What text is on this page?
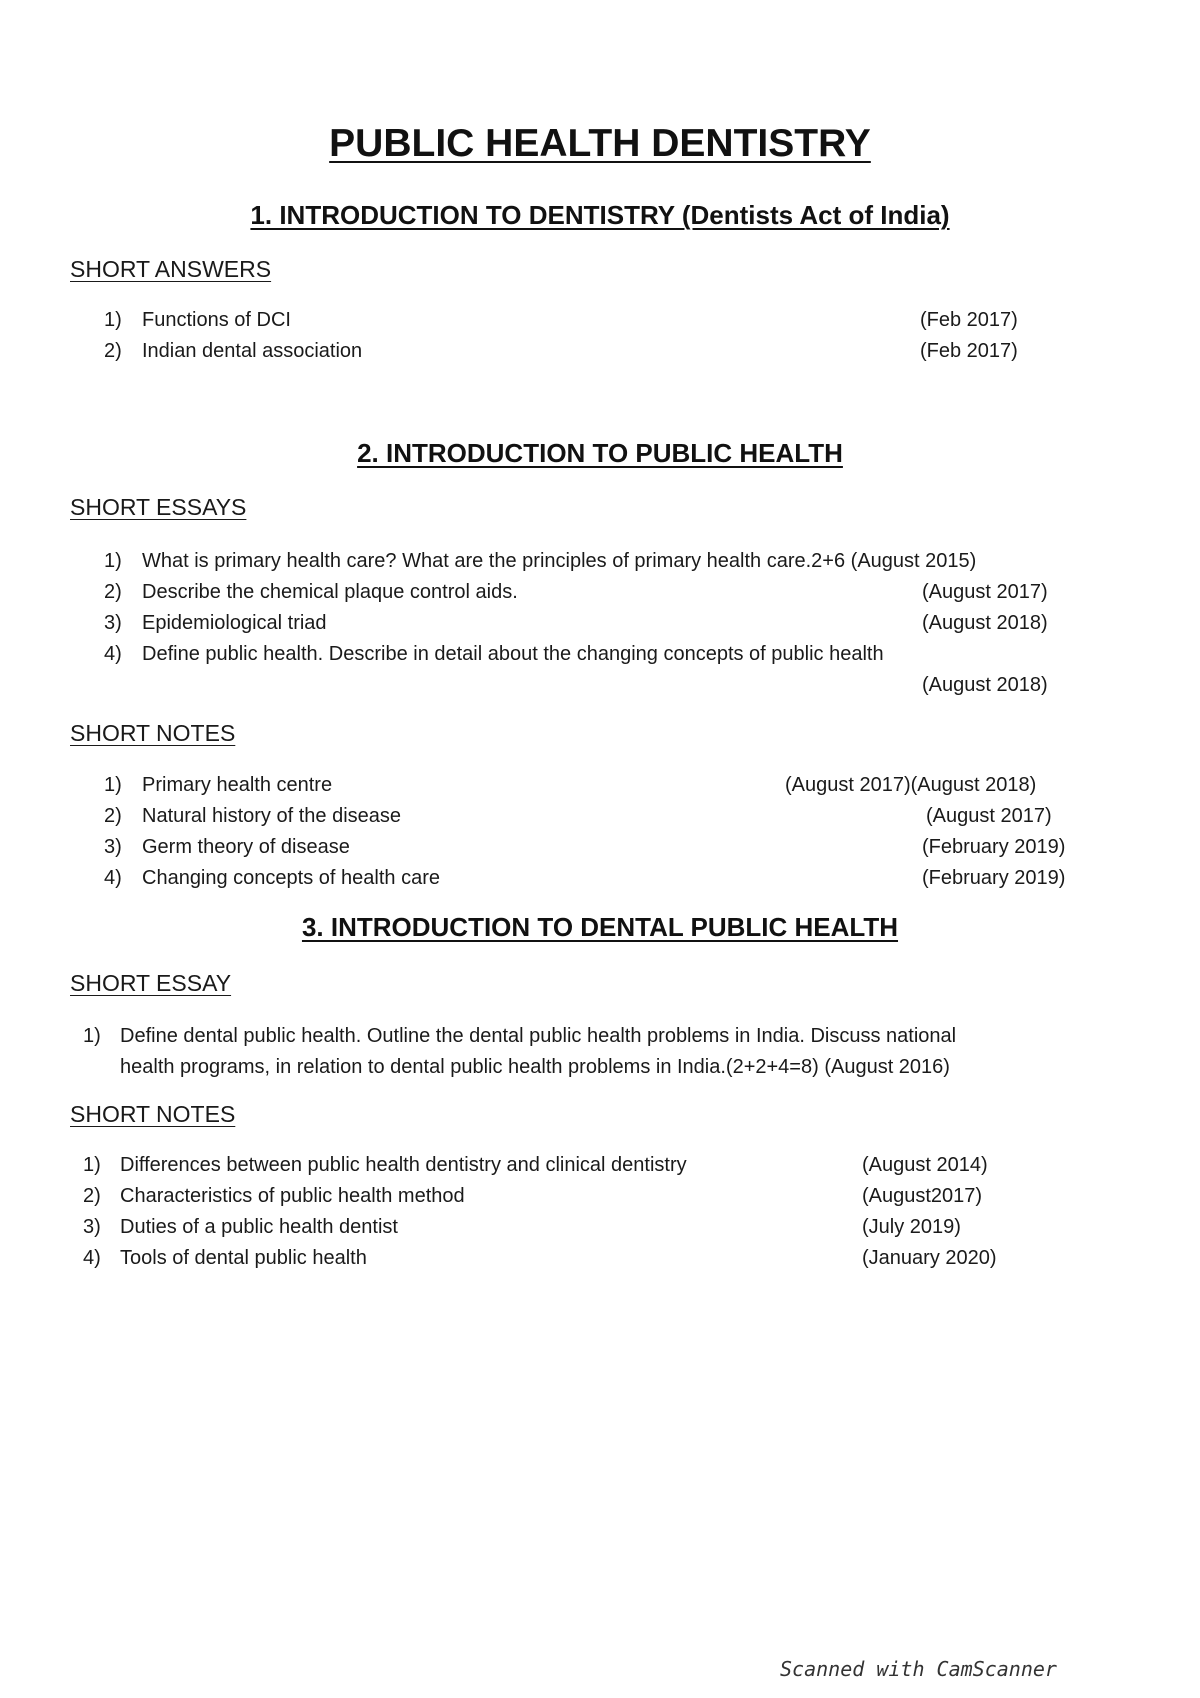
PUBLIC HEALTH DENTISTRY
1. INTRODUCTION TO DENTISTRY (Dentists Act of India)
SHORT ANSWERS
1) Functions of DCI	(Feb 2017)
2) Indian dental association	(Feb 2017)
2. INTRODUCTION TO PUBLIC HEALTH
SHORT ESSAYS
1) What is primary health care? What are the principles of primary health care.2+6 (August 2015)
2) Describe the chemical plaque control aids.	(August 2017)
3) Epidemiological triad	(August 2018)
4) Define public health. Describe in detail about the changing concepts of public health
(August 2018)
SHORT NOTES
1) Primary health centre	(August 2017)(August 2018)
2) Natural history of the disease	(August 2017)
3) Germ theory of disease	(February 2019)
4) Changing concepts of health care	(February 2019)
3. INTRODUCTION TO DENTAL PUBLIC HEALTH
SHORT ESSAY
1) Define dental public health. Outline the dental public health problems in India. Discuss national
health programs, in relation to dental public health problems in India.(2+2+4=8) (August 2016)
SHORT NOTES
1) Differences between public health dentistry and clinical dentistry	(August 2014)
2) Characteristics of public health method	(August2017)
3) Duties of a public health dentist	(July 2019)
4) Tools of dental public health	(January 2020)
Scanned with CamScanner
